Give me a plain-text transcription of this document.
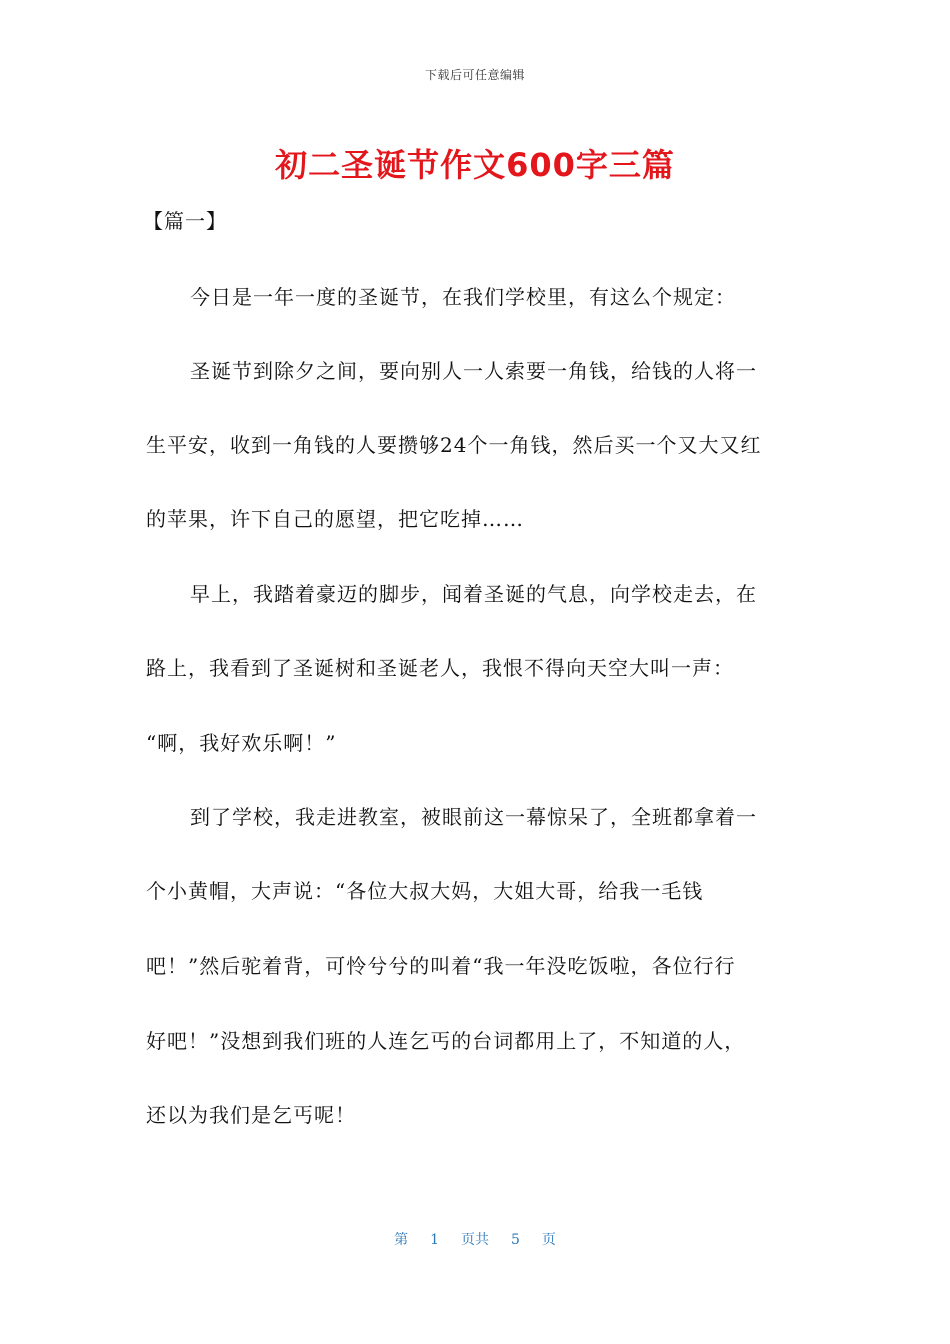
下载后可任意编辑
初二圣诞节作文600字三篇
【篇一】
今日是一年一度的圣诞节，在我们学校里，有这么个规定：
圣诞节到除夕之间，要向别人一人索要一角钱，给钱的人将一
生平安，收到一角钱的人要攒够24个一角钱，然后买一个又大又红
的苹果，许下自己的愿望，把它吃掉……
早上，我踏着豪迈的脚步，闻着圣诞的气息，向学校走去，在
路上，我看到了圣诞树和圣诞老人，我恨不得向天空大叫一声：
“啊，我好欢乐啊！”
到了学校，我走进教室，被眼前这一幕惊呆了，全班都拿着一
个小黄帽，大声说：“各位大叔大妈，大姐大哥，给我一毛钱
吧！”然后驼着背，可怜兮兮的叫着“我一年没吃饭啦，各位行行
好吧！”没想到我们班的人连乞丐的台词都用上了，不知道的人，
还以为我们是乞丐呢！
第 1 页共 5 页
